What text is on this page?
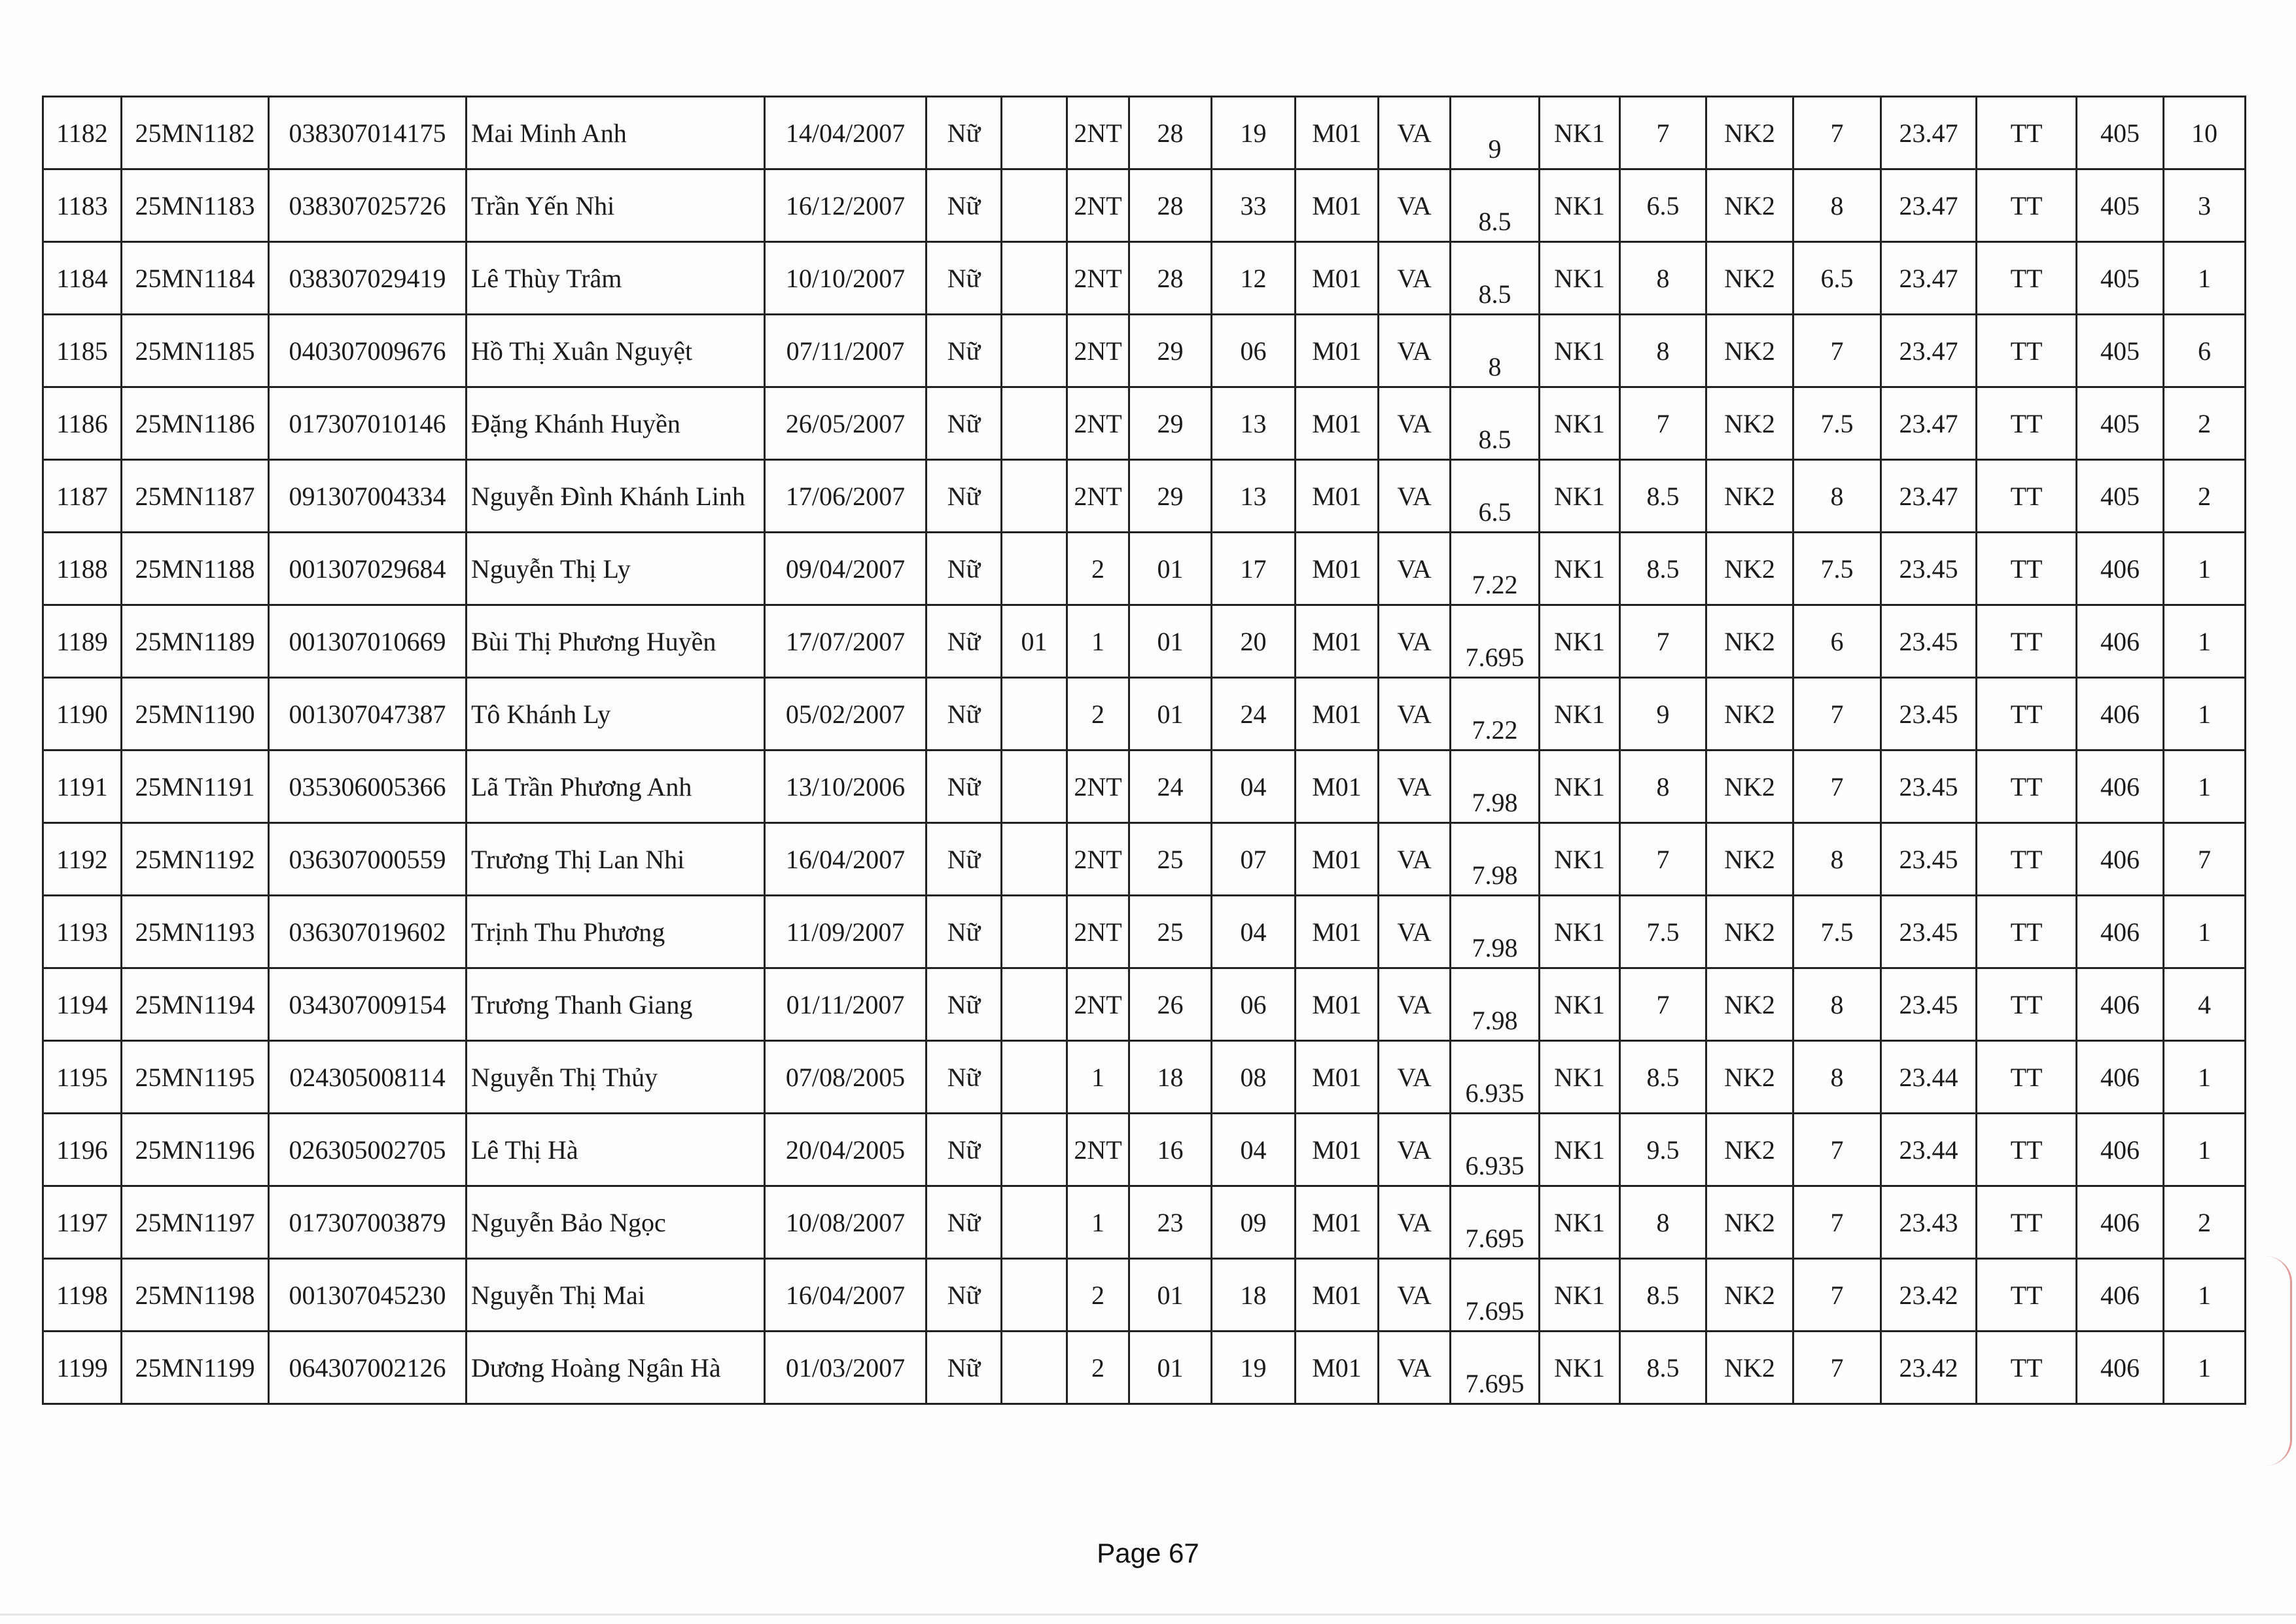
1182	25MN1182	038307014175	Mai Minh Anh	14/04/2007	Nữ		2NT	28	19	M01	VA	9	NK1	7	NK2	7	23.47	TT	405	10
1183	25MN1183	038307025726	Trần Yến Nhi	16/12/2007	Nữ		2NT	28	33	M01	VA	8.5	NK1	6.5	NK2	8	23.47	TT	405	3
1184	25MN1184	038307029419	Lê Thùy Trâm	10/10/2007	Nữ		2NT	28	12	M01	VA	8.5	NK1	8	NK2	6.5	23.47	TT	405	1
1185	25MN1185	040307009676	Hồ Thị Xuân Nguyệt	07/11/2007	Nữ		2NT	29	06	M01	VA	8	NK1	8	NK2	7	23.47	TT	405	6
1186	25MN1186	017307010146	Đặng Khánh Huyền	26/05/2007	Nữ		2NT	29	13	M01	VA	8.5	NK1	7	NK2	7.5	23.47	TT	405	2
1187	25MN1187	091307004334	Nguyễn Đình Khánh Linh	17/06/2007	Nữ		2NT	29	13	M01	VA	6.5	NK1	8.5	NK2	8	23.47	TT	405	2
1188	25MN1188	001307029684	Nguyễn Thị Ly	09/04/2007	Nữ		2	01	17	M01	VA	7.22	NK1	8.5	NK2	7.5	23.45	TT	406	1
1189	25MN1189	001307010669	Bùi Thị Phương Huyền	17/07/2007	Nữ	01	1	01	20	M01	VA	7.695	NK1	7	NK2	6	23.45	TT	406	1
1190	25MN1190	001307047387	Tô Khánh Ly	05/02/2007	Nữ		2	01	24	M01	VA	7.22	NK1	9	NK2	7	23.45	TT	406	1
1191	25MN1191	035306005366	Lã Trần Phương Anh	13/10/2006	Nữ		2NT	24	04	M01	VA	7.98	NK1	8	NK2	7	23.45	TT	406	1
1192	25MN1192	036307000559	Trương Thị Lan Nhi	16/04/2007	Nữ		2NT	25	07	M01	VA	7.98	NK1	7	NK2	8	23.45	TT	406	7
1193	25MN1193	036307019602	Trịnh Thu Phương	11/09/2007	Nữ		2NT	25	04	M01	VA	7.98	NK1	7.5	NK2	7.5	23.45	TT	406	1
1194	25MN1194	034307009154	Trương Thanh Giang	01/11/2007	Nữ		2NT	26	06	M01	VA	7.98	NK1	7	NK2	8	23.45	TT	406	4
1195	25MN1195	024305008114	Nguyễn Thị Thủy	07/08/2005	Nữ		1	18	08	M01	VA	6.935	NK1	8.5	NK2	8	23.44	TT	406	1
1196	25MN1196	026305002705	Lê Thị Hà	20/04/2005	Nữ		2NT	16	04	M01	VA	6.935	NK1	9.5	NK2	7	23.44	TT	406	1
1197	25MN1197	017307003879	Nguyễn Bảo Ngọc	10/08/2007	Nữ		1	23	09	M01	VA	7.695	NK1	8	NK2	7	23.43	TT	406	2
1198	25MN1198	001307045230	Nguyễn Thị Mai	16/04/2007	Nữ		2	01	18	M01	VA	7.695	NK1	8.5	NK2	7	23.42	TT	406	1
1199	25MN1199	064307002126	Dương Hoàng Ngân Hà	01/03/2007	Nữ		2	01	19	M01	VA	7.695	NK1	8.5	NK2	7	23.42	TT	406	1
Page 67
